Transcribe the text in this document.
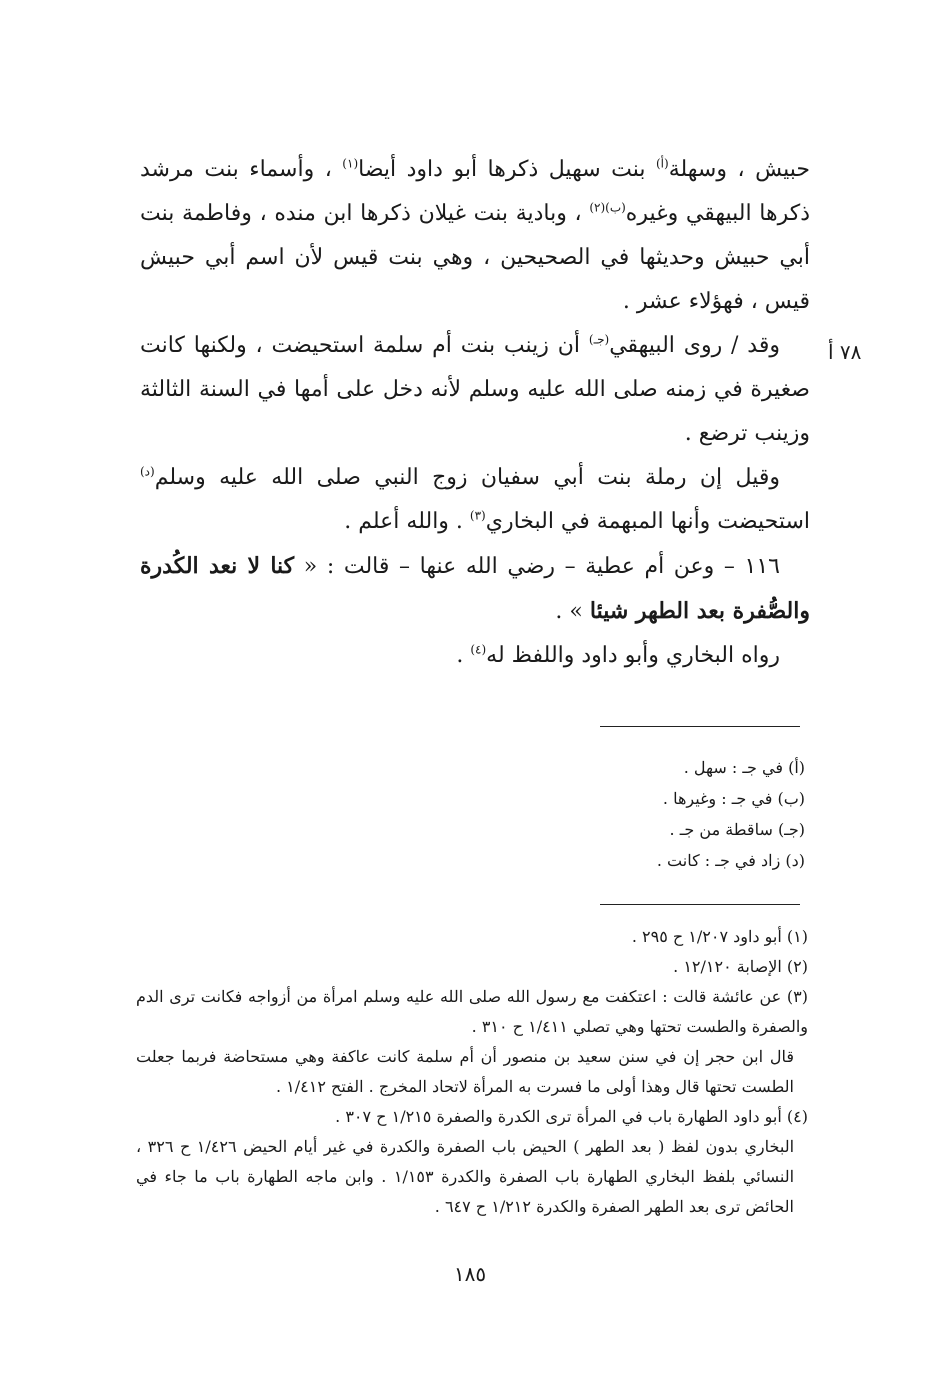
حبيش ، وسهلة$^{(أ)}$ بنت سهيل ذكرها أبو داود أيضا$^{(١)}$ ، وأسماء بنت مرشد ذكرها البيهقي وغيره$^{(ب)(٢)}$ ، وبادية بنت غيلان ذكرها ابن منده ، وفاطمة بنت أبي حبيش وحديثها في الصحيحين ، وهي بنت قيس لأن اسم أبي حبيش قيس ، فهؤلاء عشر .

وقد / روى البيهقي$^{(جـ)}$ أن زينب بنت أم سلمة استحيضت ، ولكنها كانت صغيرة في زمنه صلى الله عليه وسلم لأنه دخل على أمها في السنة الثالثة وزينب ترضع .

وقيل إن رملة بنت أبي سفيان زوج النبي صلى الله عليه وسلم$^{(د)}$ استحيضت وأنها المبهمة في البخاري$^{(٣)}$ . والله أعلم .

١١٦ – وعن أم عطية – رضي الله عنها – قالت : « كنا لا نعد الكُدرة والصُّفرة بعد الطهر شيئا » .

رواه البخاري وأبو داود واللفظ له$^{(٤)}$ .

٧٨ أ
(أ) في جـ : سهل .
(ب) في جـ : وغيرها .
(جـ) ساقطة من جـ .
(د) زاد في جـ : كانت .

(١) أبو داود ١/٢٠٧ ح ٢٩٥ .

(٢) الإصابة ١٢/١٢٠ .

(٣) عن عائشة قالت : اعتكفت مع رسول الله صلى الله عليه وسلم امرأة من أزواجه فكانت ترى الدم والصفرة والطست تحتها وهي تصلي ١/٤١١ ح ٣١٠ .

قال ابن حجر إن في سنن سعيد بن منصور أن أم سلمة كانت عاكفة وهي مستحاضة فربما جعلت الطست تحتها قال وهذا أولى ما فسرت به المرأة لاتحاد المخرج . الفتح ١/٤١٢ .

(٤) أبو داود الطهارة باب في المرأة ترى الكدرة والصفرة ١/٢١٥ ح ٣٠٧ .

البخاري بدون لفظ ( بعد الطهر ) الحيض باب الصفرة والكدرة في غير أيام الحيض ١/٤٢٦ ح ٣٢٦ ، النسائي بلفظ البخاري الطهارة باب الصفرة والكدرة ١/١٥٣ . وابن ماجه الطهارة باب ما جاء في الحائض ترى بعد الطهر الصفرة والكدرة ١/٢١٢ ح ٦٤٧ .

١٨٥
